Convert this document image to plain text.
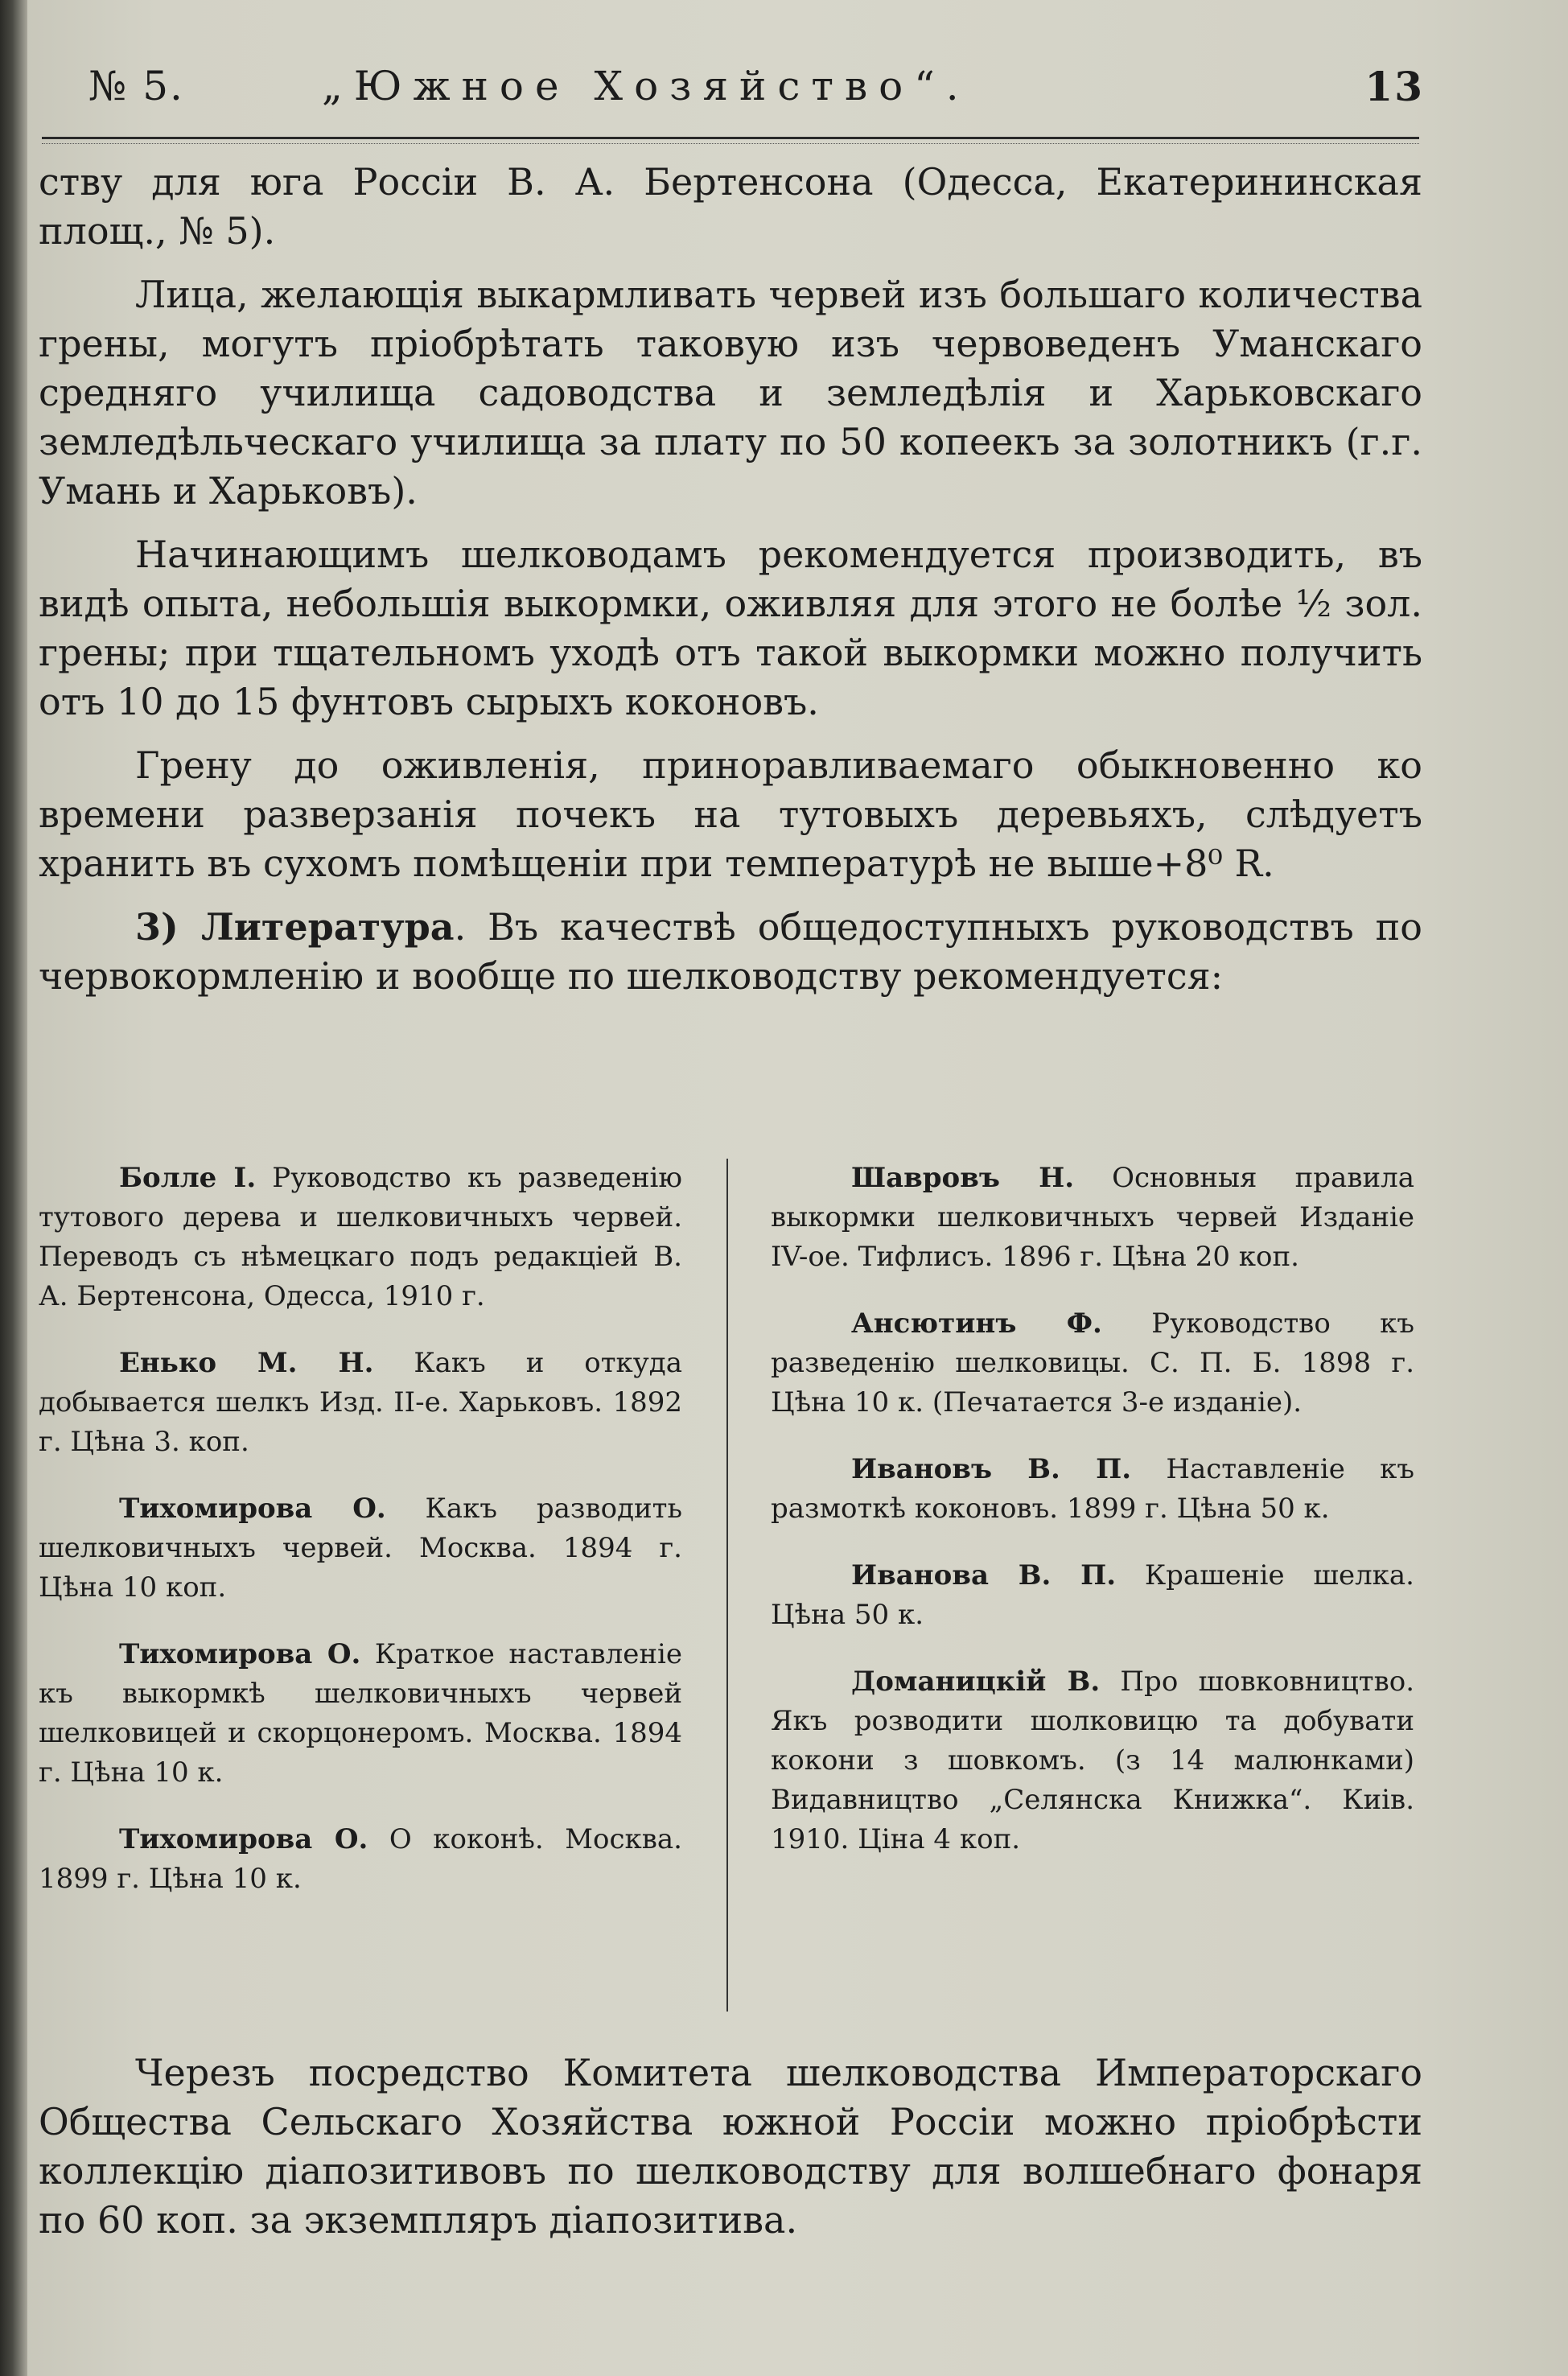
№ 5.	„Южное Хозяйство“.	13

ству для юга Россiи В. А. Бертенсона (Одесса, Екатерининская площ., № 5).

Лица, желающiя выкармливать червей изъ большаго количества грены, могутъ прiобрѣтать таковую изъ червоведенъ Уманскаго средняго училища садоводства и земледѣлiя и Харьковскаго земледѣльческаго училища за плату по 50 копеекъ за золотникъ (г.г. Умань и Харьковъ).

Начинающимъ шелководамъ рекомендуется производить, въ видѣ опыта, небольшiя выкормки, оживляя для этого не болѣе ½ зол. грены; при тщательномъ уходѣ отъ такой выкормки можно получить отъ 10 до 15 фунтовъ сырыхъ коконовъ.

Грену до оживленiя, приноравливаемаго обыкновенно ко времени разверзанiя почекъ на тутовыхъ деревьяхъ, слѣдуетъ хранить въ сухомъ помѣщенiи при температурѣ не выше+8⁰ R.

3) Литература. Въ качествѣ общедоступныхъ руководствъ по червокормленiю и вообще по шелководству рекомендуется:

Болле I. Руководство къ разведенiю тутового дерева и шелковичныхъ червей. Переводъ съ нѣмецкаго подъ редакцiей В. А. Бертенсона, Одесса, 1910 г.

Енько М. Н. Какъ и откуда добывается шелкъ Изд. II-е. Харьковъ. 1892 г. Цѣна 3. коп.

Тихомирова О. Какъ разводить шелковичныхъ червей. Москва. 1894 г. Цѣна 10 коп.

Тихомирова О. Краткое наставленiе къ выкормкѣ шелковичныхъ червей шелковицей и скорцонеромъ. Москва. 1894 г. Цѣна 10 к.

Тихомирова О. О коконѣ. Москва. 1899 г. Цѣна 10 к.

Шавровъ Н. Основныя правила выкормки шелковичныхъ червей Изданiе IV-ое. Тифлисъ. 1896 г. Цѣна 20 коп.

Ансютинъ Ф. Руководство къ разведенiю шелковицы. С. П. Б. 1898 г. Цѣна 10 к. (Печатается 3-е изданiе).

Ивановъ В. П. Наставленiе къ размоткѣ коконовъ. 1899 г. Цѣна 50 к.

Иванова В. П. Крашенiе шелка. Цѣна 50 к.

Доманицкiй В. Про шовковництво. Якъ розводити шолковицю та добувати кокони з шовкомъ. (з 14 малюнками) Видавництво „Селянска Книжка“. Киiв. 1910. Цiна 4 коп.

Черезъ посредство Комитета шелководства Императорскаго Общества Сельскаго Хозяйства южной Россiи можно прiобрѣсти коллекцiю дiапозитивовъ по шелководству для волшебнаго фонаря по 60 коп. за экземпляръ дiапозитива.
